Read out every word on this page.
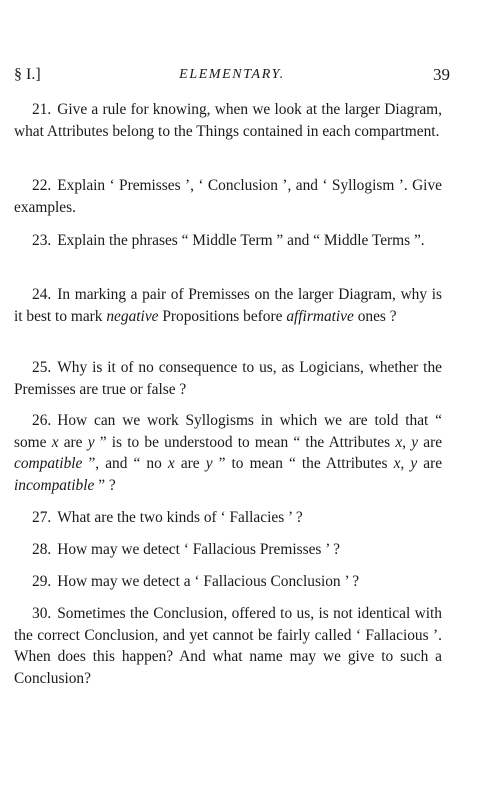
§ I.]	ELEMENTARY.	39

21. Give a rule for knowing, when we look at the larger Diagram, what Attributes belong to the Things contained in each compartment.

22. Explain ‘ Premisses ’, ‘ Conclusion ’, and ‘ Syllogism ’. Give examples.

23. Explain the phrases “ Middle Term ” and “ Middle Terms ”.

24. In marking a pair of Premisses on the larger Diagram, why is it best to mark negative Propositions before affirmative ones ?

25. Why is it of no consequence to us, as Logicians, whether the Premisses are true or false ?

26. How can we work Syllogisms in which we are told that “ some x are y ” is to be understood to mean “ the Attributes x, y are compatible ”, and “ no x are y ” to mean “ the Attributes x, y are incompatible ” ?

27. What are the two kinds of ‘ Fallacies ’ ?

28. How may we detect ‘ Fallacious Premisses ’ ?

29. How may we detect a ‘ Fallacious Conclusion ’ ?

30. Sometimes the Conclusion, offered to us, is not identical with the correct Conclusion, and yet cannot be fairly called ‘ Fallacious ’. When does this happen? And what name may we give to such a Conclusion?
